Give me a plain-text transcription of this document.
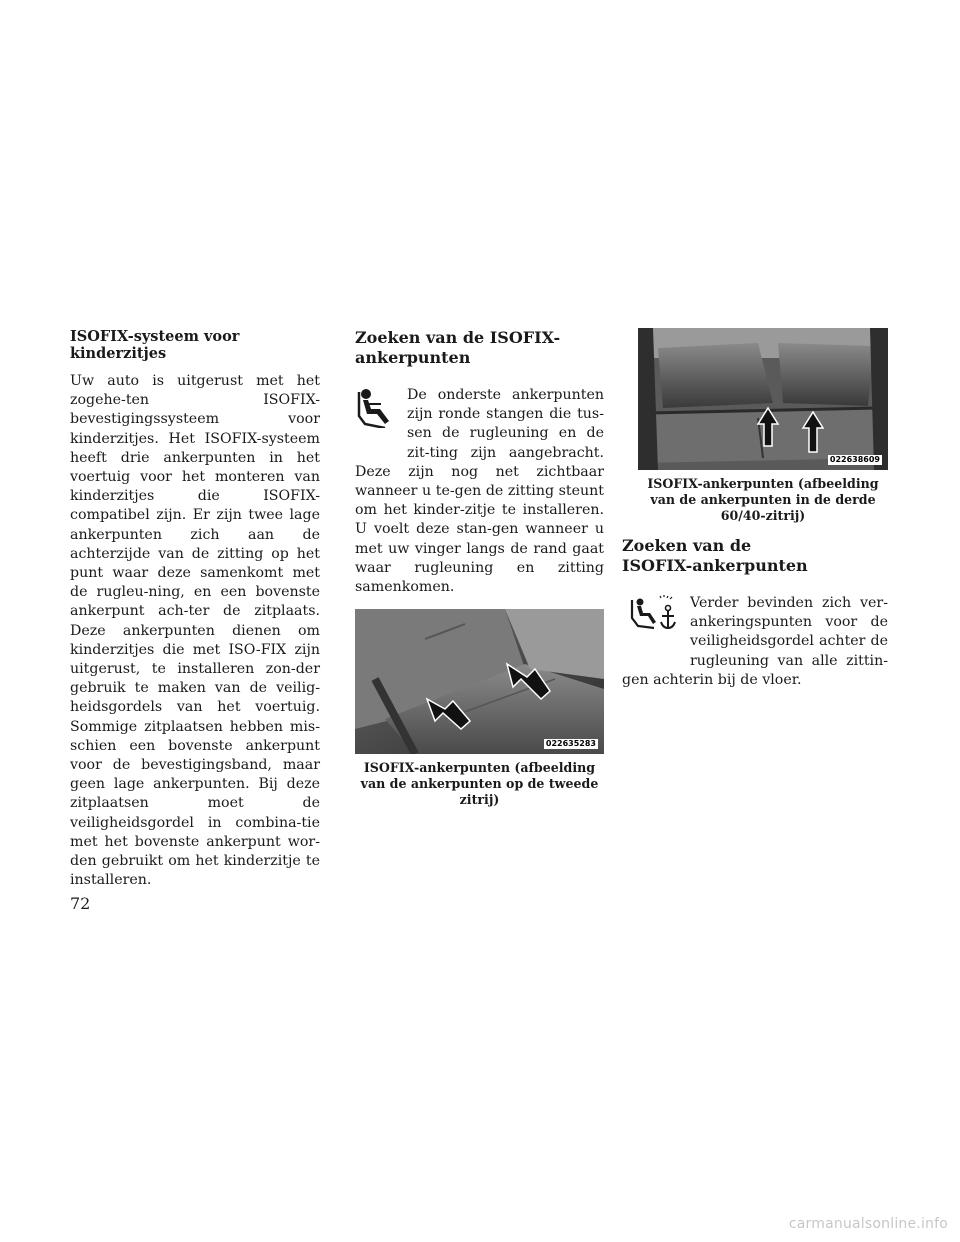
ISOFIX-systeem voor kinderzitjes

Uw auto is uitgerust met het zogehe-ten ISOFIX-bevestigingssysteem voor kinderzitjes. Het ISOFIX-systeem heeft drie ankerpunten in het voertuig voor het monteren van kinderzitjes die ISOFIX-compatibel zijn. Er zijn twee lage ankerpunten zich aan de achterzijde van de zitting op het punt waar deze samenkomt met de rugleu-ning, en een bovenste ankerpunt ach-ter de zitplaats. Deze ankerpunten dienen om kinderzitjes die met ISO-FIX zijn uitgerust, te installeren zon-der gebruik te maken van de veilig-heidsgordels van het voertuig. Sommige zitplaatsen hebben mis-schien een bovenste ankerpunt voor de bevestigingsband, maar geen lage ankerpunten. Bij deze zitplaatsen moet de veiligheidsgordel in combina-tie met het bovenste ankerpunt wor-den gebruikt om het kinderzitje te installeren.

Zoeken van de ISOFIX-ankerpunten

De onderste ankerpunten zijn ronde stangen die tus-sen de rugleuning en de zit-ting zijn aangebracht. Deze zijn nog net zichtbaar wanneer u te-gen de zitting steunt om het kinder-zitje te installeren. U voelt deze stan-gen wanneer u met uw vinger langs de rand gaat waar rugleuning en zitting samenkomen.

022635283
ISOFIX-ankerpunten (afbeelding van de ankerpunten op de tweede zitrij)
022638609
ISOFIX-ankerpunten (afbeelding van de ankerpunten in de derde 60/40-zitrij)
Zoeken van de ISOFIX-ankerpunten

Verder bevinden zich ver-ankeringspunten voor de veiligheidsgordel achter de rugleuning van alle zittin-gen achterin bij de vloer.

72
carmanualsonline.info
